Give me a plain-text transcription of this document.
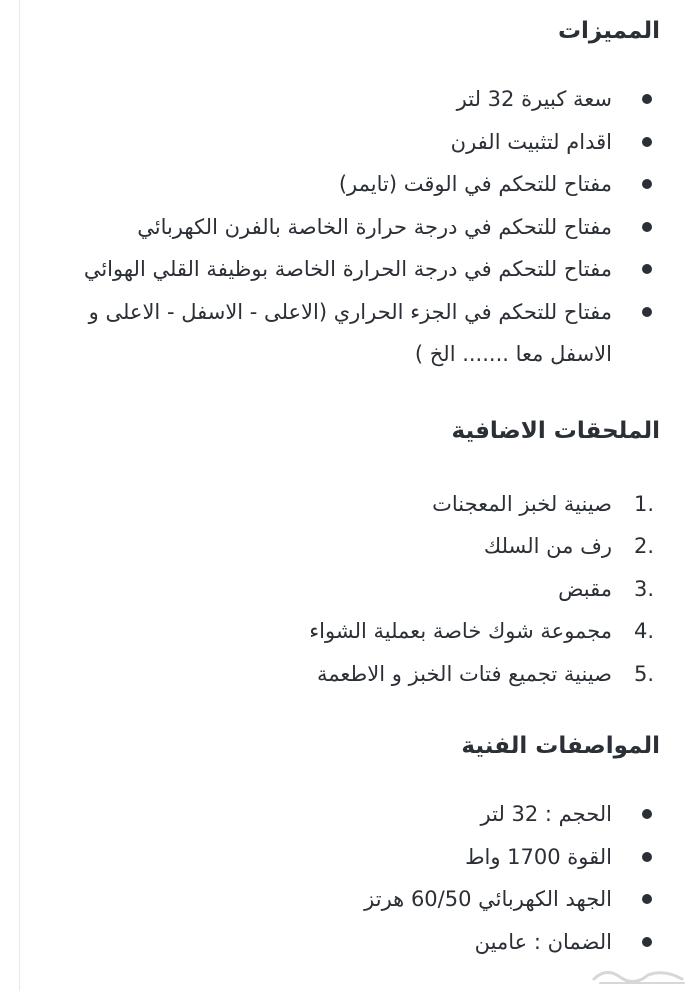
المميزات
سعة كبيرة 32 لتر
اقدام لتثبيت الفرن
مفتاح للتحكم في الوقت (تايمر)
مفتاح للتحكم في درجة حرارة الخاصة بالفرن الكهربائي
مفتاح للتحكم في درجة الحرارة الخاصة بوظيفة القلي الهوائي
مفتاح للتحكم في الجزء الحراري (الاعلى - الاسفل - الاعلى و الاسفل معا ....... الخ )
الملحقات الاضافية
1.
صينية لخبز المعجنات
2.
رف من السلك
3.
مقبض
4.
مجموعة شوك خاصة بعملية الشواء
5.
صينية تجميع فتات الخبز و الاطعمة
المواصفات الفنية
الحجم : 32 لتر
القوة 1700 واط
الجهد الكهربائي 60/50 هرتز
الضمان : عامين
